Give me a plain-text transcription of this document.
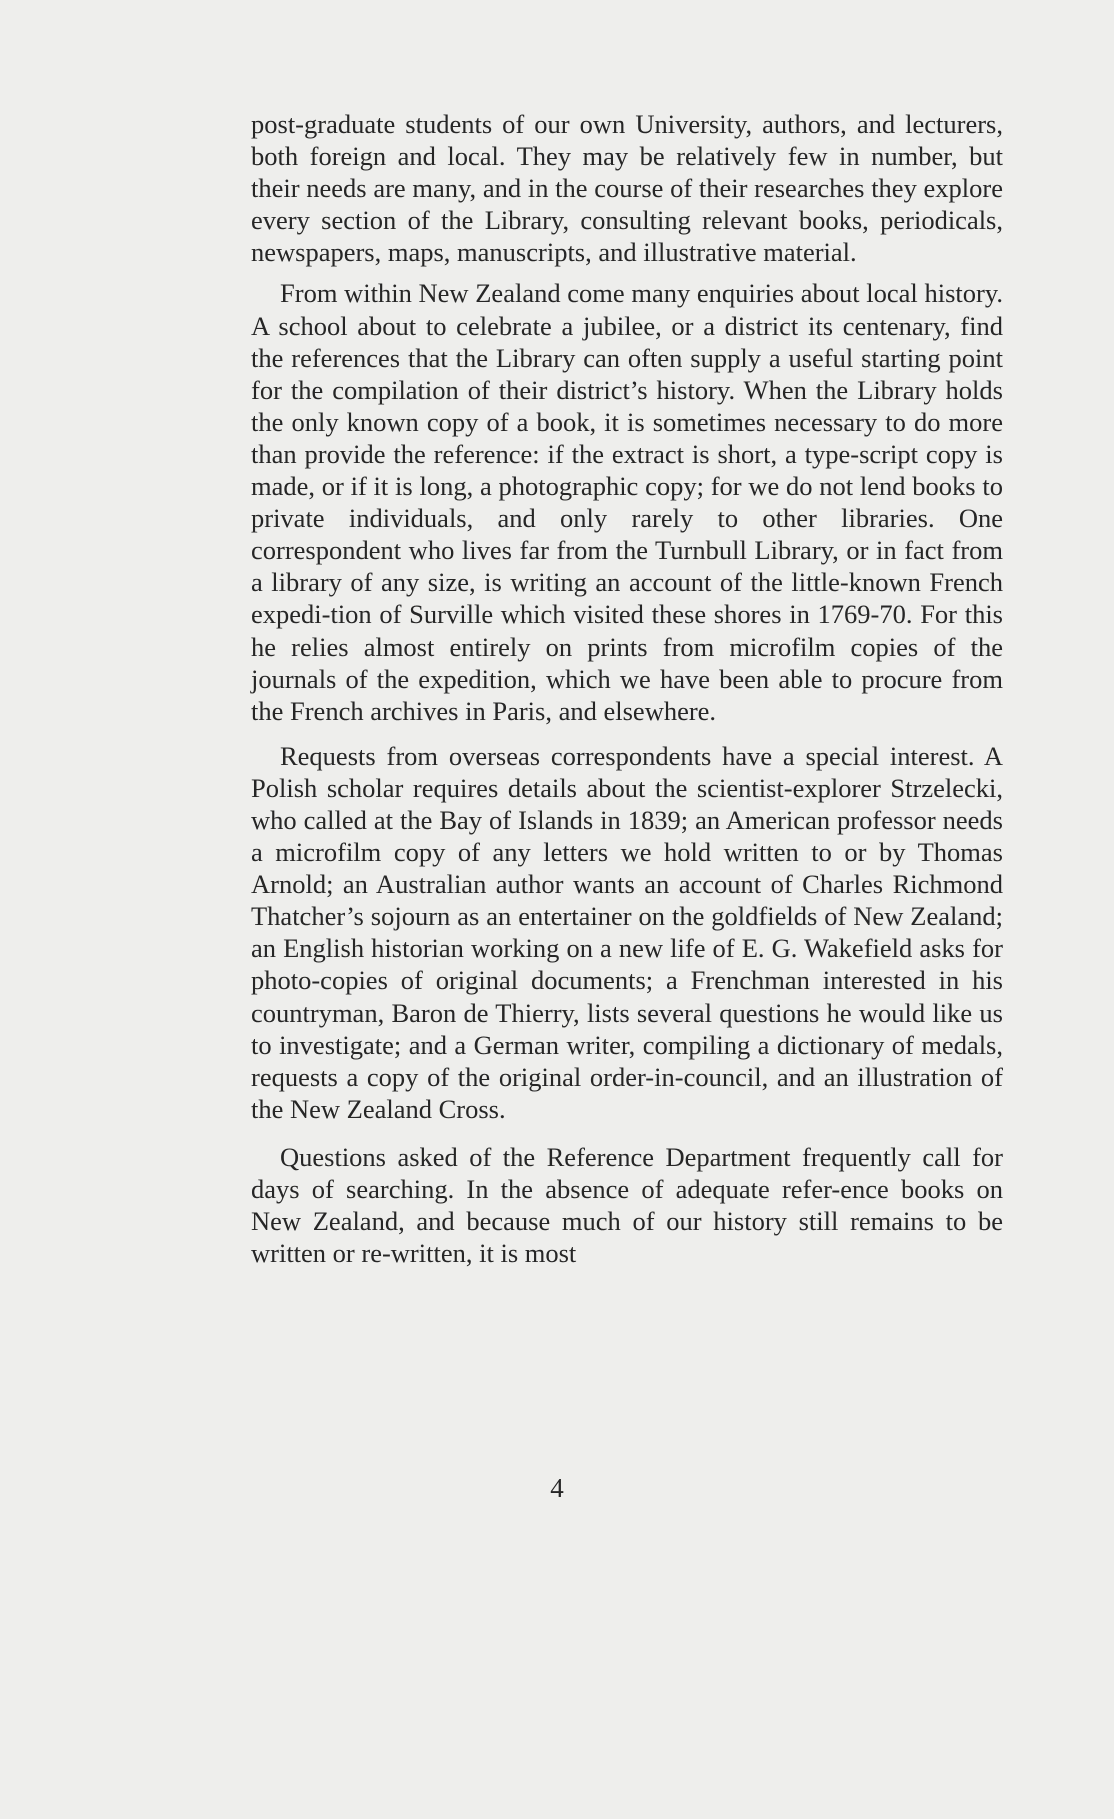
post-graduate students of our own University, authors, and lecturers, both foreign and local. They may be relatively few in number, but their needs are many, and in the course of their researches they explore every section of the Library, consulting relevant books, periodicals, newspapers, maps, manuscripts, and illustrative material.

From within New Zealand come many enquiries about local history. A school about to celebrate a jubilee, or a district its centenary, find the references that the Library can often supply a useful starting point for the compilation of their district’s history. When the Library holds the only known copy of a book, it is sometimes necessary to do more than provide the reference: if the extract is short, a type-script copy is made, or if it is long, a photographic copy; for we do not lend books to private individuals, and only rarely to other libraries. One correspondent who lives far from the Turnbull Library, or in fact from a library of any size, is writing an account of the little-known French expedi-tion of Surville which visited these shores in 1769-70. For this he relies almost entirely on prints from microfilm copies of the journals of the expedition, which we have been able to procure from the French archives in Paris, and elsewhere.

Requests from overseas correspondents have a special interest. A Polish scholar requires details about the scientist-explorer Strzelecki, who called at the Bay of Islands in 1839; an American professor needs a microfilm copy of any letters we hold written to or by Thomas Arnold; an Australian author wants an account of Charles Richmond Thatcher’s sojourn as an entertainer on the goldfields of New Zealand; an English historian working on a new life of E. G. Wakefield asks for photo-copies of original documents; a Frenchman interested in his countryman, Baron de Thierry, lists several questions he would like us to investigate; and a German writer, compiling a dictionary of medals, requests a copy of the original order-in-council, and an illustration of the New Zealand Cross.

Questions asked of the Reference Department frequently call for days of searching. In the absence of adequate refer-ence books on New Zealand, and because much of our history still remains to be written or re-written, it is most

4
